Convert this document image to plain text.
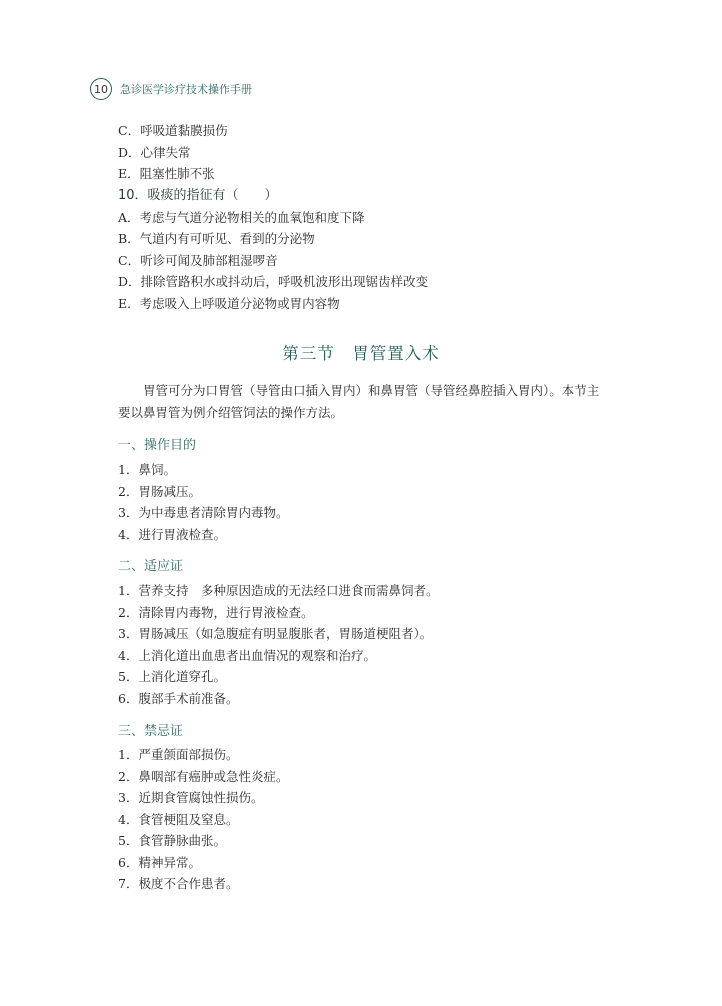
10	急诊医学诊疗技术操作手册
C．呼吸道黏膜损伤
D．心律失常
E．阻塞性肺不张
10．吸痰的指征有（　　）
A．考虑与气道分泌物相关的血氧饱和度下降
B．气道内有可听见、看到的分泌物
C．听诊可闻及肺部粗湿啰音
D．排除管路积水或抖动后，呼吸机波形出现锯齿样改变
E．考虑吸入上呼吸道分泌物或胃内容物
第三节　胃管置入术
胃管可分为口胃管（导管由口插入胃内）和鼻胃管（导管经鼻腔插入胃内）。本节主
要以鼻胃管为例介绍管饲法的操作方法。
一、操作目的
1．鼻饲。
2．胃肠减压。
3．为中毒患者清除胃内毒物。
4．进行胃液检查。
二、适应证
1．营养支持　多种原因造成的无法经口进食而需鼻饲者。
2．清除胃内毒物，进行胃液检查。
3．胃肠减压（如急腹症有明显腹胀者，胃肠道梗阻者）。
4．上消化道出血患者出血情况的观察和治疗。
5．上消化道穿孔。
6．腹部手术前准备。
三、禁忌证
1．严重颌面部损伤。
2．鼻咽部有癌肿或急性炎症。
3．近期食管腐蚀性损伤。
4．食管梗阻及窒息。
5．食管静脉曲张。
6．精神异常。
7．极度不合作患者。
